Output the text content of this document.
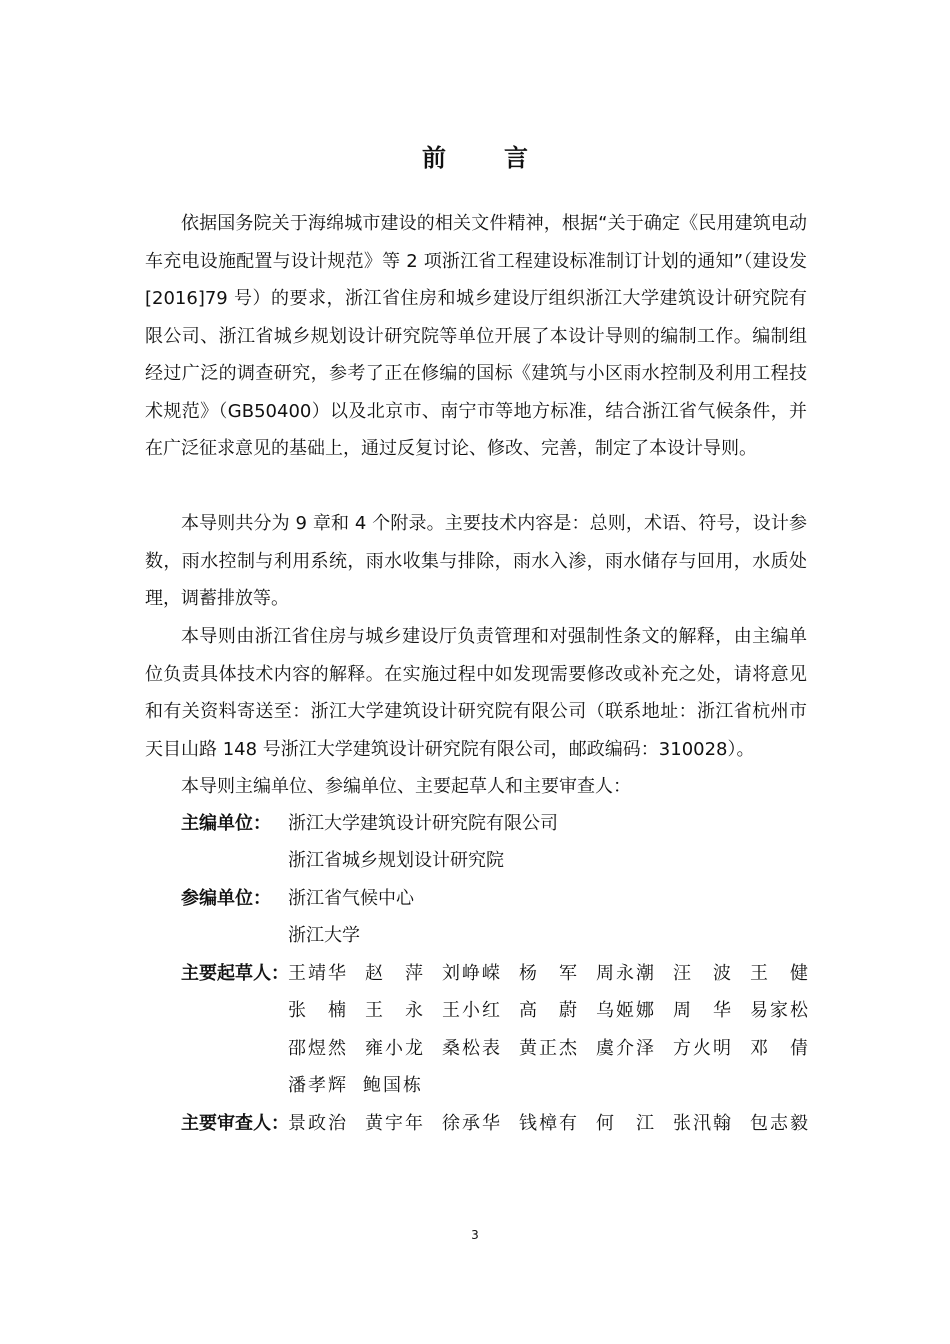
前 言

依据国务院关于海绵城市建设的相关文件精神，根据“关于确定《民用建筑电动车充电设施配置与设计规范》等 2 项浙江省工程建设标准制订计划的通知”（建设发[2016]79 号）的要求，浙江省住房和城乡建设厅组织浙江大学建筑设计研究院有限公司、浙江省城乡规划设计研究院等单位开展了本设计导则的编制工作。编制组经过广泛的调查研究，参考了正在修编的国标《建筑与小区雨水控制及利用工程技术规范》（GB50400）以及北京市、南宁市等地方标准，结合浙江省气候条件，并在广泛征求意见的基础上，通过反复讨论、修改、完善，制定了本设计导则。

本导则共分为 9 章和 4 个附录。主要技术内容是：总则，术语、符号，设计参数，雨水控制与利用系统，雨水收集与排除，雨水入渗，雨水储存与回用，水质处理，调蓄排放等。

本导则由浙江省住房与城乡建设厅负责管理和对强制性条文的解释，由主编单位负责具体技术内容的解释。在实施过程中如发现需要修改或补充之处，请将意见和有关资料寄送至：浙江大学建筑设计研究院有限公司（联系地址：浙江省杭州市天目山路 148 号浙江大学建筑设计研究院有限公司，邮政编码：310028）。

本导则主编单位、参编单位、主要起草人和主要审查人：

主编单位： 浙江大学建筑设计研究院有限公司
浙江省城乡规划设计研究院
参编单位： 浙江省气候中心
浙江大学
主要起草人： 王靖华 赵　萍 刘峥嵘 杨　军 周永潮 汪　波 王　健
张　楠 王　永 王小红 高　蔚 乌姬娜 周　华 易家松
邵煜然 雍小龙 桑松表 黄正杰 虞介泽 方火明 邓　倩
潘孝辉 鲍国栋
主要审查人： 景政治 黄宇年 徐承华 钱樟有 何　江 张汛翰 包志毅
3
